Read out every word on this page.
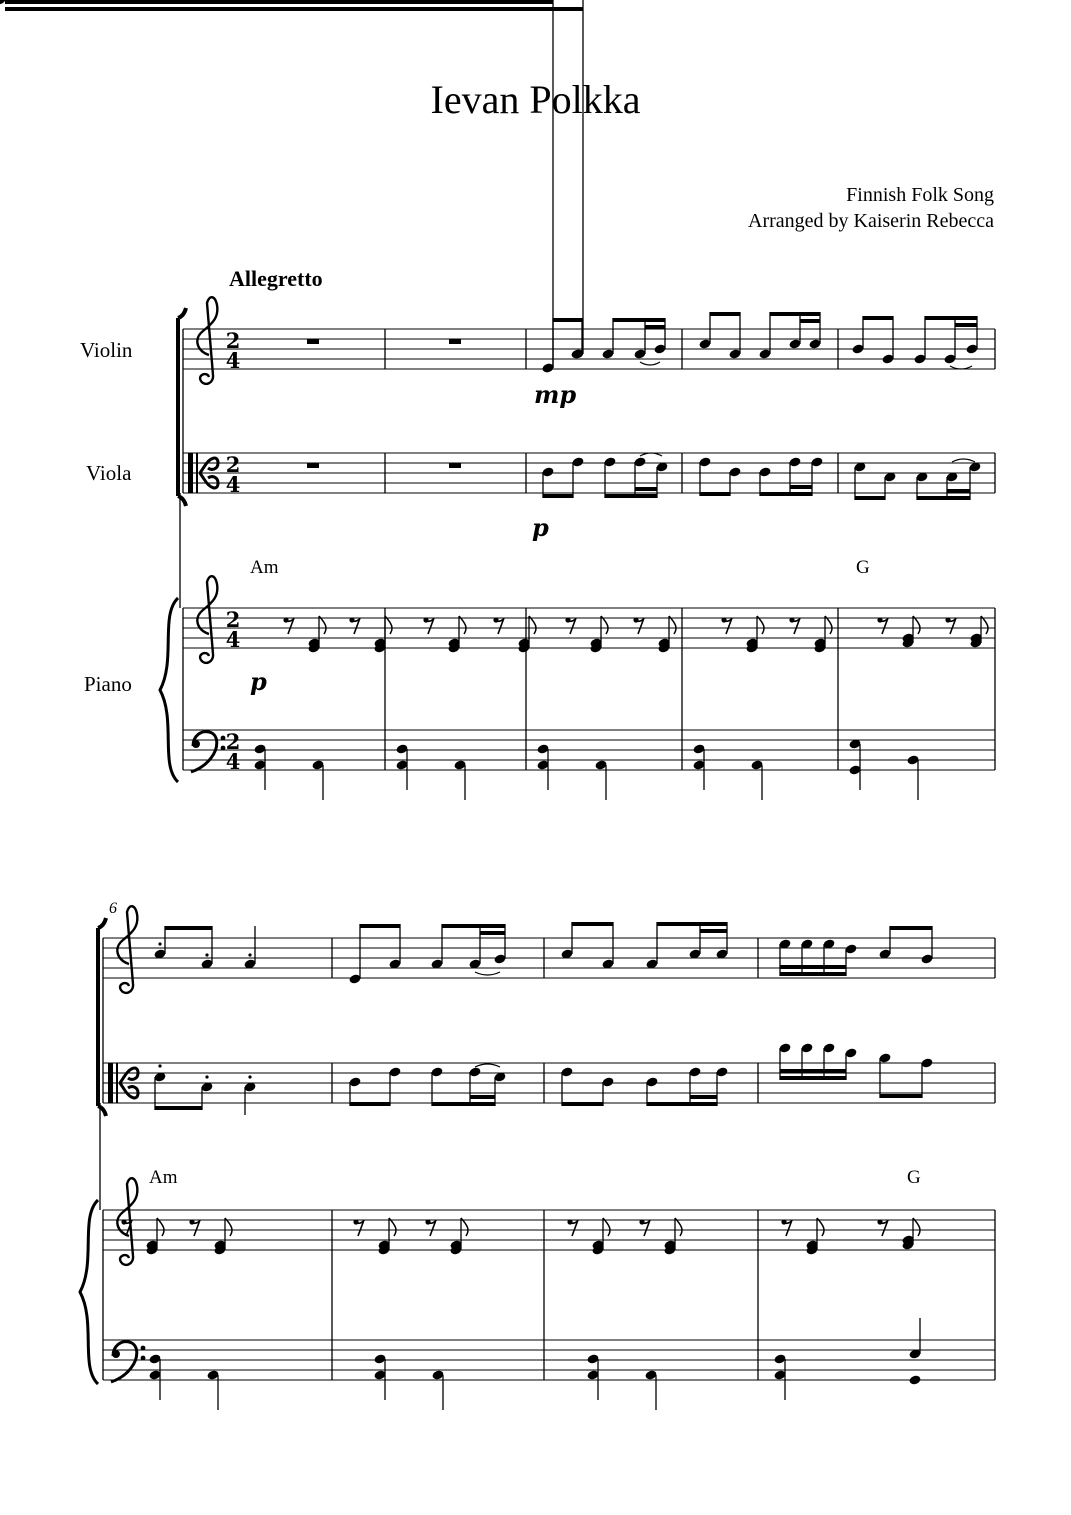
Ievan Polkka
Finnish Folk Song
Arranged by Kaiserin Rebecca
Allegretto
Violin
Viola
Piano
2
4
2
4
2
4
2
4
6
Am	G
Am	G
mp
p
p
